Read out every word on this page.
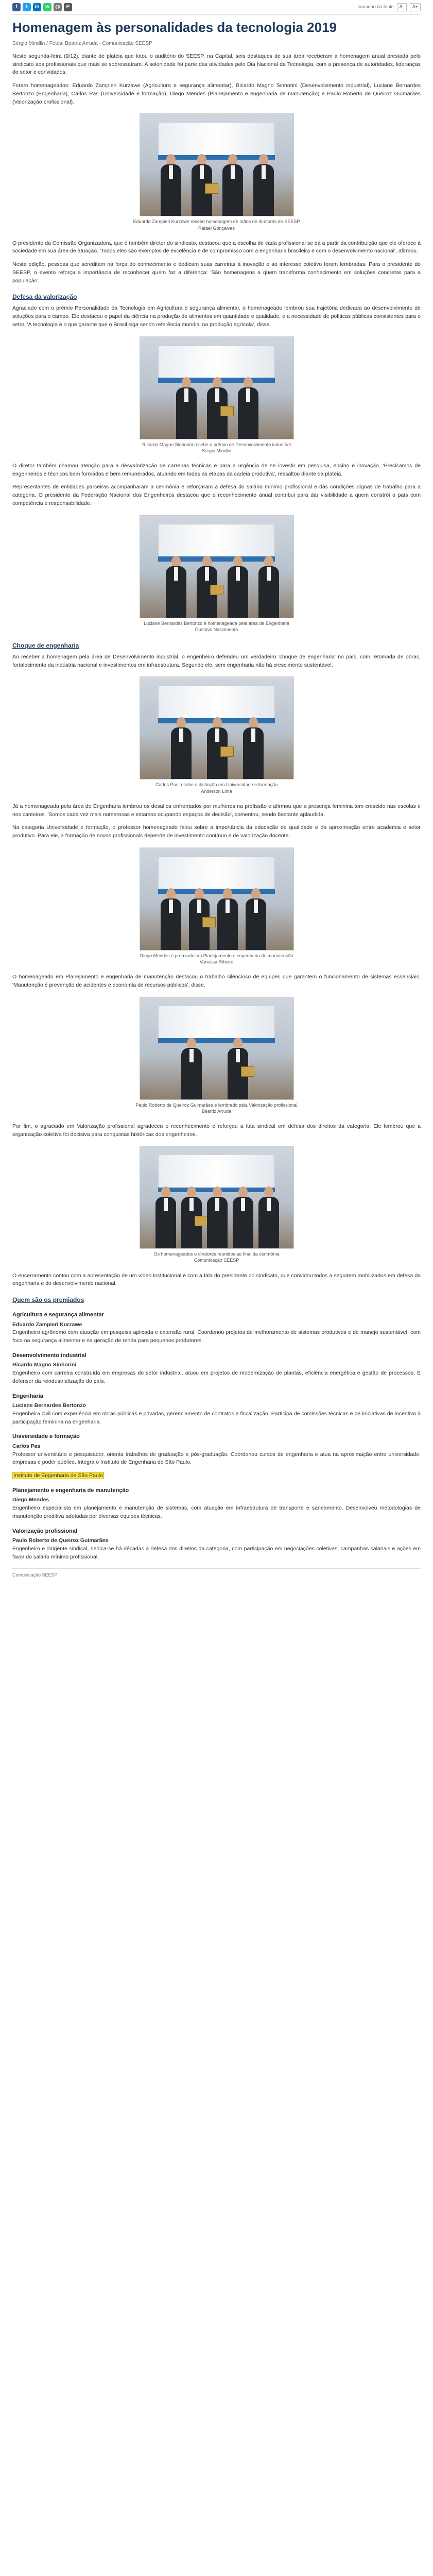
f	t	in	w	@	P	tamanho da fonte	A-	A+
Homenagem às personalidades da tecnologia 2019
Sérgio Mindlin / Fotos: Beatriz Arruda - Comunicação SEESP

Neste segunda-feira (9/12), diante de plateia que lotou o auditório do SEESP, na Capital, seis destaques de sua área receberam a homenagem anual prestada pelo sindicato aos profissionais que mais se sobressaíram. A solenidade foi parte das atividades pelo Dia Nacional da Tecnologia, com a presença de autoridades, lideranças do setor e convidados.

Foram homenageados: Eduardo Zampieri Kurzawe (Agricultura e segurança alimentar), Ricardo Magno Sinhorini (Desenvolvimento industrial), Luciane Bernardes Bertonzo (Engenharia), Carlos Pas (Universidade e formação), Diego Mendes (Planejamento e engenharia de manutenção) e Paulo Roberto de Queiroz Guimarães (Valorização profissional).

Eduardo Zampieri Kurzawe recebe homenagem de mãos de diretores do SEESP
Rafael Gonçalves

O presidente da Comissão Organizadora, que é também diretor do sindicato, destacou que a escolha de cada profissional se dá a partir da contribuição que ele oferece à sociedade em sua área de atuação. 'Todos eles são exemplos de excelência e de compromisso com a engenharia brasileira e com o desenvolvimento nacional', afirmou.

Nesta edição, pessoas que acreditam na força do conhecimento e dedicam suas carreiras à inovação e ao interesse coletivo foram lembradas. Para o presidente do SEESP, o evento reforça a importância de reconhecer quem faz a diferença: 'São homenagens a quem transforma conhecimento em soluções concretas para a população'.

Defesa da valorização

Agraciado com o prêmio Personalidade da Tecnologia em Agricultura e segurança alimentar, o homenageado lembrou sua trajetória dedicada ao desenvolvimento de soluções para o campo. Ele destacou o papel da ciência na produção de alimentos em quantidade e qualidade, e a necessidade de políticas públicas consistentes para o setor. 'A tecnologia é o que garante que o Brasil siga sendo referência mundial na produção agrícola', disse.

Ricardo Magno Sinhorini recebe o prêmio de Desenvolvimento industrial
Sérgio Mindlin

O diretor também chamou atenção para a desvalorização de carreiras técnicas e para a urgência de se investir em pesquisa, ensino e inovação. 'Precisamos de engenheiros e técnicos bem formados e bem remunerados, atuando em todas as etapas da cadeia produtiva', ressaltou diante da plateia.

Representantes de entidades parceiras acompanharam a cerimônia e reforçaram a defesa do salário mínimo profissional e das condições dignas de trabalho para a categoria. O presidente da Federação Nacional dos Engenheiros destacou que o reconhecimento anual contribui para dar visibilidade a quem constrói o país com competência e responsabilidade.

Luciane Bernardes Bertonzo é homenageada pela área de Engenharia
Gustavo Nascimento
Choque de engenharia

Ao receber a homenagem pela área de Desenvolvimento industrial, o engenheiro defendeu um verdadeiro 'choque de engenharia' no país, com retomada de obras, fortalecimento da indústria nacional e investimentos em infraestrutura. Segundo ele, sem engenharia não há crescimento sustentável.

Carlos Pas recebe a distinção em Universidade e formação
Anderson Lima

Já a homenageada pela área de Engenharia lembrou os desafios enfrentados por mulheres na profissão e afirmou que a presença feminina tem crescido nas escolas e nos canteiros. 'Somos cada vez mais numerosas e estamos ocupando espaços de decisão', comentou, sendo bastante aplaudida.

Na categoria Universidade e formação, o professor homenageado falou sobre a importância da educação de qualidade e da aproximação entre academia e setor produtivo. Para ele, a formação de novos profissionais depende de investimento contínuo e de valorização docente.

Diego Mendes é premiado em Planejamento e engenharia de manutenção
Vanessa Ribeiro

O homenageado em Planejamento e engenharia de manutenção destacou o trabalho silencioso de equipes que garantem o funcionamento de sistemas essenciais. 'Manutenção é prevenção de acidentes e economia de recursos públicos', disse.

Paulo Roberto de Queiroz Guimarães é lembrado pela Valorização profissional
Beatriz Arruda

Por fim, o agraciado em Valorização profissional agradeceu o reconhecimento e reforçou a luta sindical em defesa dos direitos da categoria. Ele lembrou que a organização coletiva foi decisiva para conquistas históricas dos engenheiros.

Os homenageados e diretores reunidos ao final da cerimônia
Comunicação SEESP

O encerramento contou com a apresentação de um vídeo institucional e com a fala do presidente do sindicato, que convidou todos a seguirem mobilizados em defesa da engenharia e do desenvolvimento nacional.

Quem são os premiados
Agricultura e segurança alimentar
Eduardo Zampieri Kurzawe

Engenheiro agrônomo com atuação em pesquisa aplicada e extensão rural. Coordenou projetos de melhoramento de sistemas produtivos e de manejo sustentável, com foco na segurança alimentar e na geração de renda para pequenos produtores.

Desenvolvimento industrial
Ricardo Magno Sinhorini

Engenheiro com carreira construída em empresas do setor industrial, atuou em projetos de modernização de plantas, eficiência energética e gestão de processos. É defensor da reindustrialização do país.

Engenharia
Luciane Bernardes Bertonzo

Engenheira civil com experiência em obras públicas e privadas, gerenciamento de contratos e fiscalização. Participa de comissões técnicas e de iniciativas de incentivo à participação feminina na engenharia.

Universidade e formação
Carlos Pas

Professor universitário e pesquisador, orienta trabalhos de graduação e pós-graduação. Coordenou cursos de engenharia e atua na aproximação entre universidade, empresas e poder público. Integra o Instituto de Engenharia de São Paulo.

Instituto de Engenharia de São Paulo

Planejamento e engenharia de manutenção
Diego Mendes

Engenheiro especialista em planejamento e manutenção de sistemas, com atuação em infraestrutura de transporte e saneamento. Desenvolveu metodologias de manutenção preditiva adotadas por diversas equipes técnicas.

Valorização profissional
Paulo Roberto de Queiroz Guimarães

Engenheiro e dirigente sindical, dedica-se há décadas à defesa dos direitos da categoria, com participação em negociações coletivas, campanhas salariais e ações em favor do salário mínimo profissional.

Comunicação SEESP
